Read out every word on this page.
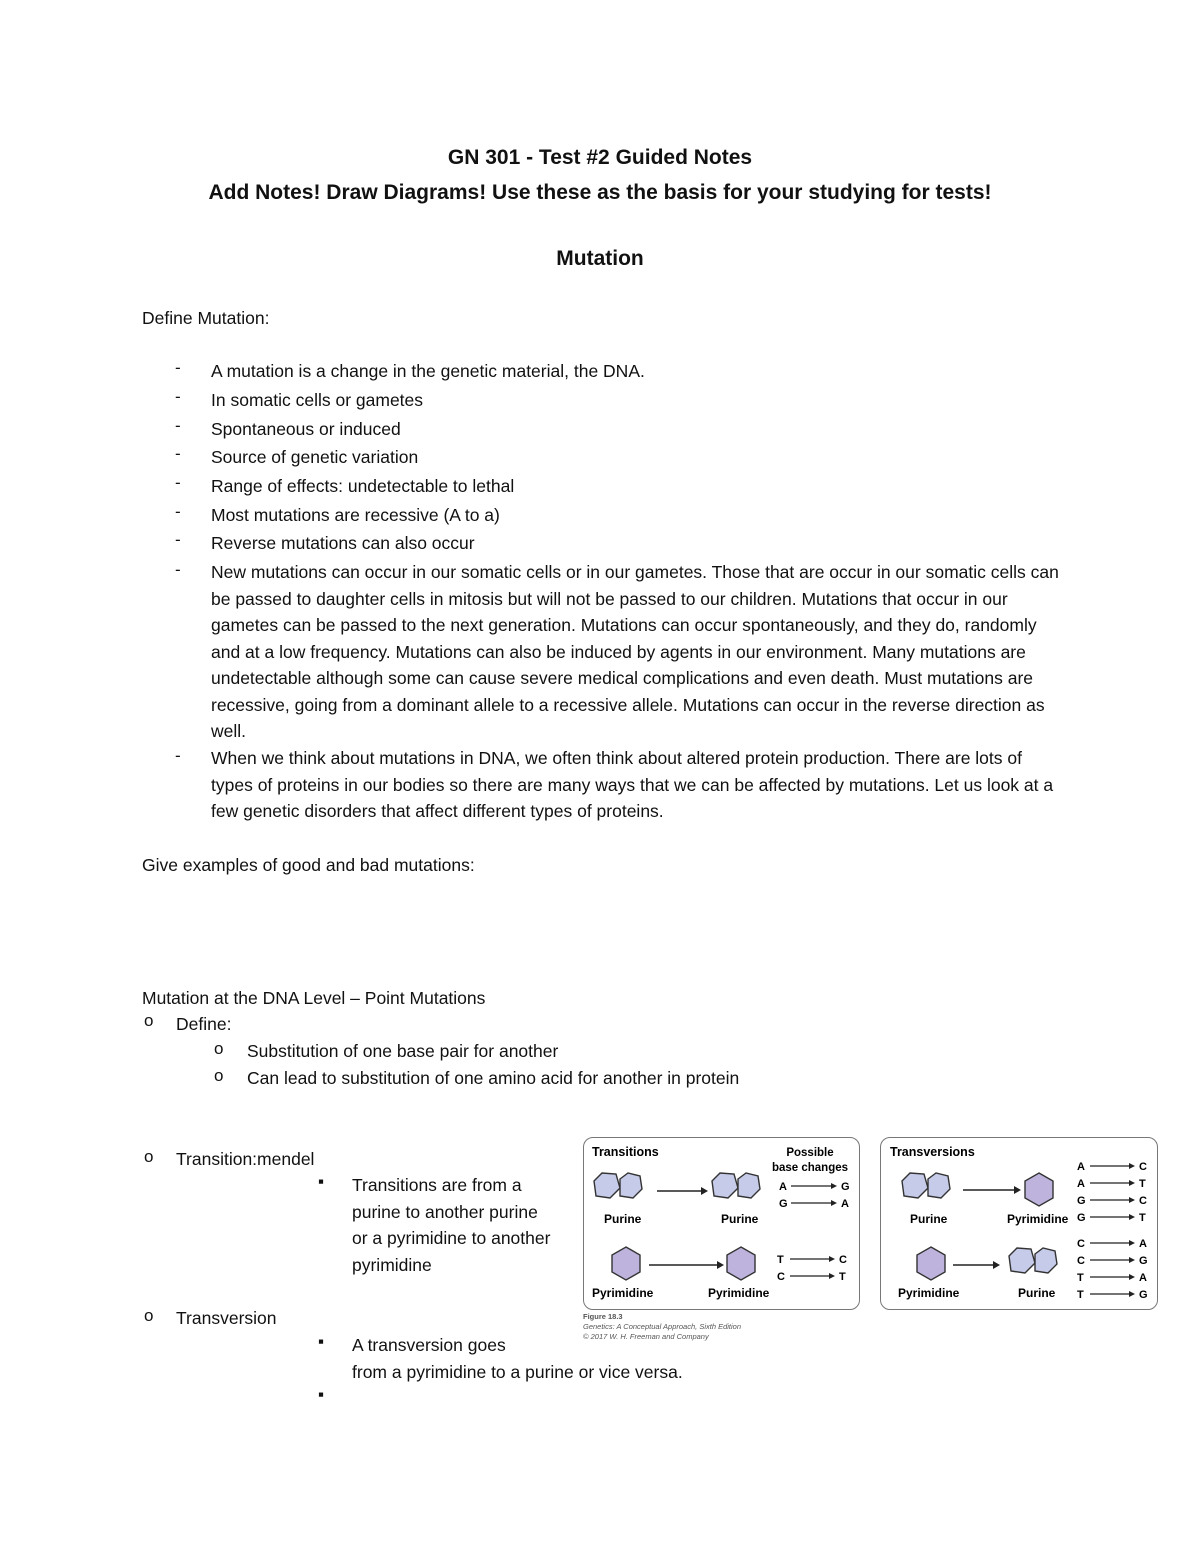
GN 301 - Test #2 Guided Notes
Add Notes! Draw Diagrams! Use these as the basis for your studying for tests!
Mutation
Define Mutation:
- A mutation is a change in the genetic material, the DNA.
- In somatic cells or gametes
- Spontaneous or induced
- Source of genetic variation
- Range of effects: undetectable to lethal
- Most mutations are recessive (A to a)
- Reverse mutations can also occur
- New mutations can occur in our somatic cells or in our gametes. Those that are occur in our somatic cells can be passed to daughter cells in mitosis but will not be passed to our children. Mutations that occur in our gametes can be passed to the next generation. Mutations can occur spontaneously, and they do, randomly and at a low frequency. Mutations can also be induced by agents in our environment. Many mutations are undetectable although some can cause severe medical complications and even death. Must mutations are recessive, going from a dominant allele to a recessive allele. Mutations can occur in the reverse direction as well.
- When we think about mutations in DNA, we often think about altered protein production. There are lots of types of proteins in our bodies so there are many ways that we can be affected by mutations. Let us look at a few genetic disorders that affect different types of proteins.
Give examples of good and bad mutations:
Mutation at the DNA Level – Point Mutations
o Define:
o Substitution of one base pair for another
o Can lead to substitution of one amino acid for another in protein
o Transition:mendel
▪ Transitions are from a purine to another purine or a pyrimidine to another pyrimidine
o Transversion
▪ A transversion goes
from a pyrimidine to a purine or vice versa.
▪
Transitions	Possible
base changes
Purine	Purine
A	G
G	A
Pyrimidine	Pyrimidine
T	C
C	T
Transversions
Purine	Pyrimidine
A	C
A	T
G	C
G	T
Pyrimidine	Purine
C	A
C	G
T	A
T	G
Figure 18.3
Genetics: A Conceptual Approach, Sixth Edition
© 2017 W. H. Freeman and Company
